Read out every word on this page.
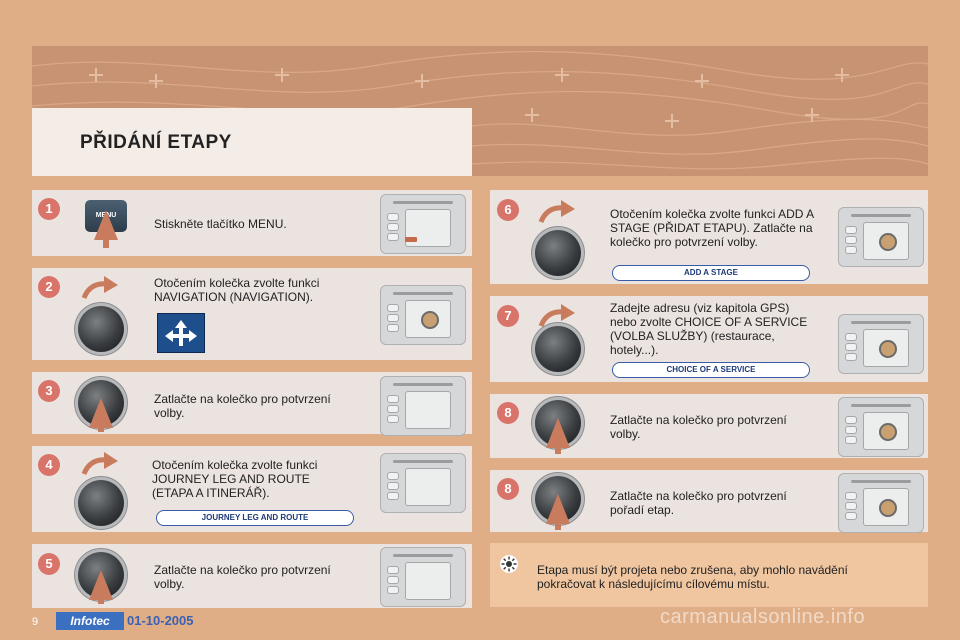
PŘIDÁNÍ ETAPY
1	MENU
Stiskněte tlačítko MENU.
2	Otočením kolečka zvolte funkci
NAVIGATION (NAVIGATION).
3
Zatlačte na kolečko pro potvrzení
volby.
4	Otočením kolečka zvolte funkci
JOURNEY LEG AND ROUTE
(ETAPA A ITINERÁŘ).
JOURNEY LEG AND ROUTE
5	Zatlačte na kolečko pro potvrzení
volby.
6	Otočením kolečka zvolte funkci ADD A
STAGE (PŘIDAT ETAPU). Zatlačte na
kolečko pro potvrzení volby.
ADD A STAGE
7	Zadejte adresu (viz kapitola GPS)
nebo zvolte CHOICE OF A SERVICE
(VOLBA SLUŽBY) (restaurace,
hotely...).
CHOICE OF A SERVICE
8	Zatlačte na kolečko pro potvrzení
volby.
8	Zatlačte na kolečko pro potvrzení
pořadí etap.
Etapa musí být projeta nebo zrušena, aby mohlo navádění
pokračovat k následujícímu cílovému místu.
9	Infotec	01-10-2005	carmanualsonline.info
